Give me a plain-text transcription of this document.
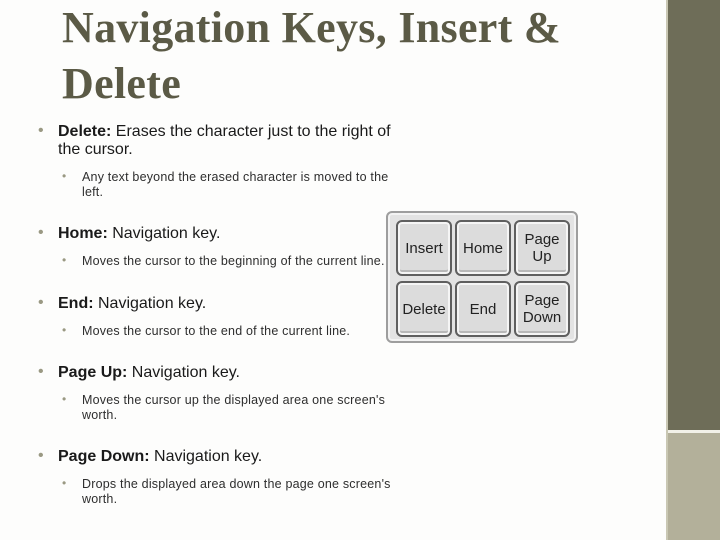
Navigation Keys, Insert & Delete
• Delete: Erases the character just to the right of the cursor.
• Any text beyond the erased character is moved to the left.
• Home: Navigation key.
• Moves the cursor to the beginning of the current line.
• End: Navigation key.
• Moves the cursor to the end of the current line.
• Page Up: Navigation key.
• Moves the cursor up the displayed area one screen's worth.
• Page Down: Navigation key.
• Drops the displayed area down the page one screen's worth.
Insert	Home	Page Up
Delete	End	Page Down
